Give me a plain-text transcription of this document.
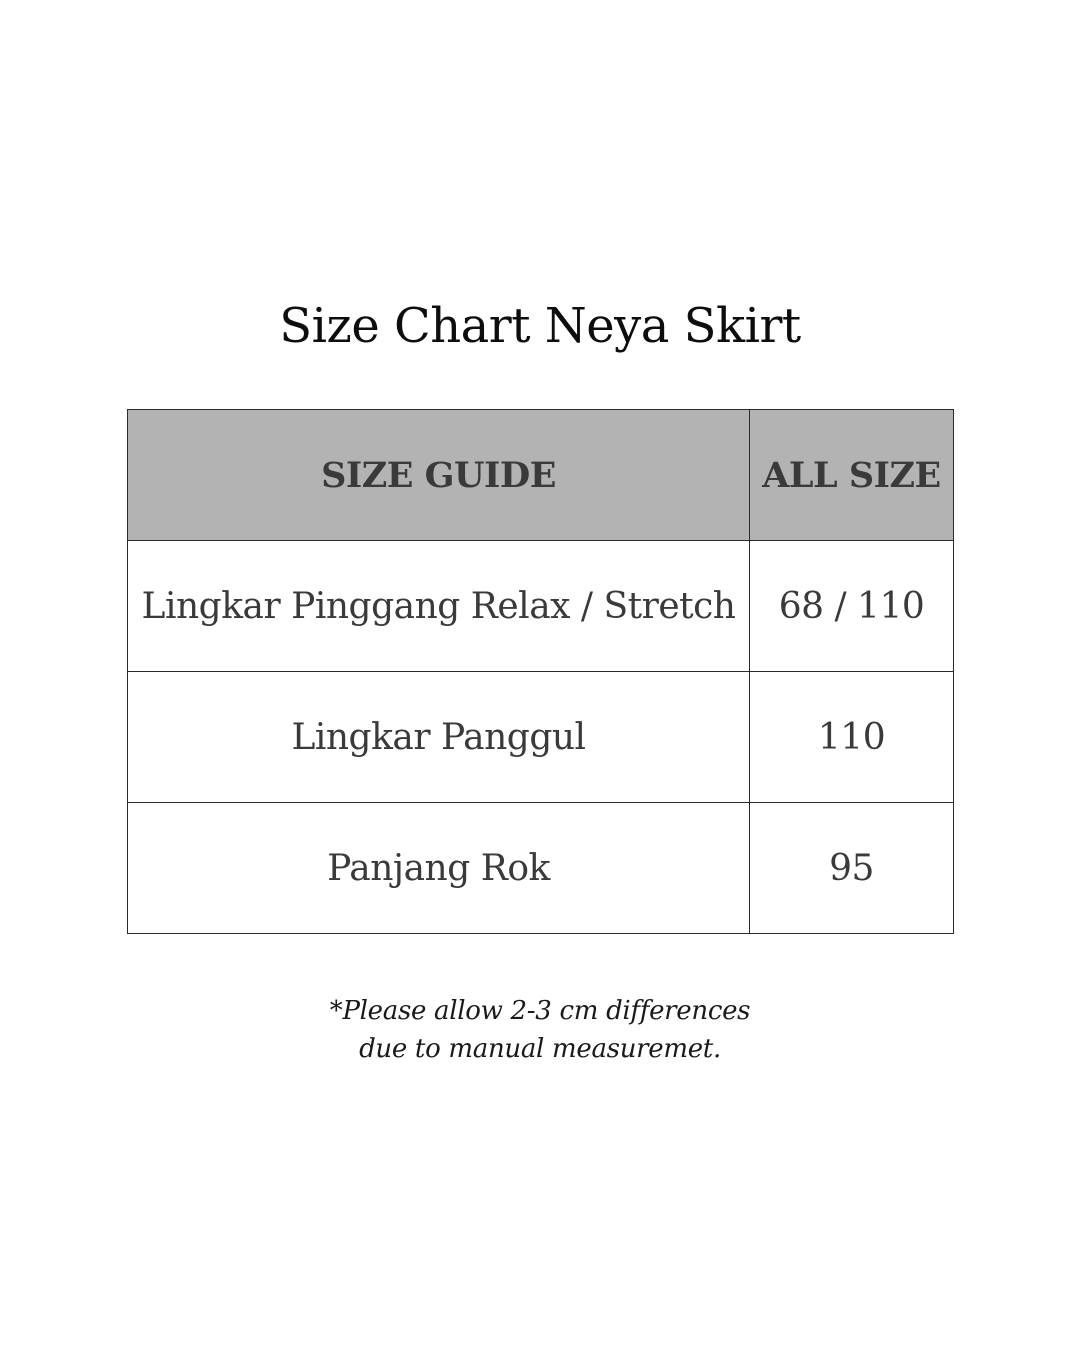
Size Chart Neya Skirt
SIZE GUIDE	ALL SIZE
Lingkar Pinggang Relax / Stretch	68 / 110
Lingkar Panggul	110
Panjang Rok	95
*Please allow 2-3 cm differences
due to manual measuremet.
